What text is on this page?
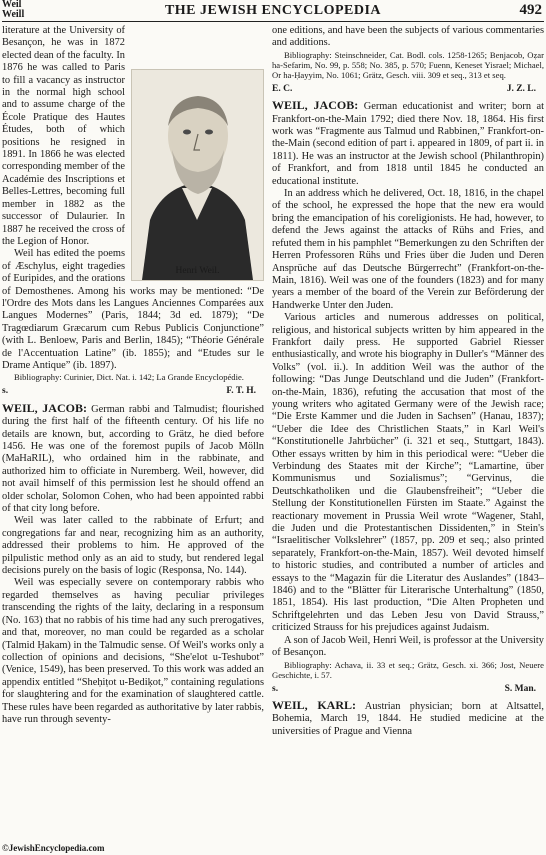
Weil
Weill	THE JEWISH ENCYCLOPEDIA	492
Henri Weil.

literature at the University of Besançon, he was in 1872 elected dean of the faculty. In 1876 he was called to Paris to fill a vacancy as instructor in the normal high school and to assume charge of the École Pratique des Hautes Études, both of which positions he resigned in 1891. In 1866 he was elected corresponding member of the Académie des Inscriptions et Belles-Lettres, becoming full member in 1882 as the successor of Dulaurier. In 1887 he received the cross of the Legion of Honor.

Weil has edited the poems of Æschylus, eight tragedies of Euripides, and the orations of Demosthenes. Among his works may be mentioned: “De l'Ordre des Mots dans les Langues Anciennes Comparées aux Langues Modernes” (Paris, 1844; 3d ed. 1879); “De Tragœdiarum Græcarum cum Rebus Publicis Conjunctione” (with L. Benloew, Paris and Berlin, 1845); “Théorie Générale de l'Accentuation Latine” (ib. 1855); and “Etudes sur le Drame Antique” (ib. 1897).

Bibliography: Curinier, Dict. Nat. i. 142; La Grande Encyclopédie.

s.	F. T. H.

WEIL, JACOB: German rabbi and Talmudist; flourished during the first half of the fifteenth century. Of his life no details are known, but, according to Grätz, he died before 1456. He was one of the foremost pupils of Jacob Mölln (MaHaRIL), who ordained him in the rabbinate, and authorized him to officiate in Nuremberg. Weil, however, did not avail himself of this permission lest he should offend an older scholar, Solomon Cohen, who had been appointed rabbi of that city long before.

Weil was later called to the rabbinate of Erfurt; and congregations far and near, recognizing him as an authority, addressed their problems to him. He approved of the pilpulistic method only as an aid to study, but rendered legal decisions purely on the basis of logic (Responsa, No. 144).

Weil was especially severe on contemporary rabbis who regarded themselves as having peculiar privileges transcending the rights of the laity, declaring in a responsum (No. 163) that no rabbis of his time had any such prerogatives, and that, moreover, no man could be regarded as a scholar (Talmid Ḥakam) in the Talmudic sense. Of Weil's works only a collection of opinions and decisions, “She'elot u-Teshubot” (Venice, 1549), has been preserved. To this work was added an appendix entitled “Sheḥiṭot u-Bediḳot,” containing regulations for slaughtering and for the examination of slaughtered cattle. These rules have been regarded as authoritative by later rabbis, have run through seventy-

one editions, and have been the subjects of various commentaries and additions.

Bibliography: Steinschneider, Cat. Bodl. cols. 1258-1265; Benjacob, Oẓar ha-Sefarim, No. 99, p. 558; No. 385, p. 570; Fuenn, Keneset Yisrael; Michael, Or ha-Ḥayyim, No. 1061; Grätz, Gesch. viii. 309 et seq., 313 et seq.

E. C.	J. Z. L.

WEIL, JACOB: German educationist and writer; born at Frankfort-on-the-Main 1792; died there Nov. 18, 1864. His first work was “Fragmente aus Talmud und Rabbinen,” Frankfort-on-the-Main (second edition of part i. appeared in 1809, of part ii. in 1811). He was an instructor at the Jewish school (Philanthropin) of Frankfort, and from 1818 until 1845 he conducted an educational institute.

In an address which he delivered, Oct. 18, 1816, in the chapel of the school, he expressed the hope that the new era would bring the emancipation of his coreligionists. He had, however, to defend the Jews against the attacks of Rühs and Fries, and refuted them in his pamphlet “Bemerkungen zu den Schriften der Herren Professoren Rühs und Fries über die Juden und Deren Ansprüche auf das Deutsche Bürgerrecht” (Frankfort-on-the-Main, 1816). Weil was one of the founders (1823) and for many years a member of the board of the Verein zur Beförderung der Handwerke Unter den Juden.

Various articles and numerous addresses on political, religious, and historical subjects written by him appeared in the Frankfort daily press. He supported Gabriel Riesser enthusiastically, and wrote his biography in Duller's “Männer des Volks” (vol. ii.). In addition Weil was the author of the following: “Das Junge Deutschland und die Juden” (Frankfort-on-the-Main, 1836), refuting the accusation that most of the young writers who agitated Germany were of the Jewish race; “Die Erste Kammer und die Juden in Sachsen” (Hanau, 1837); “Ueber die Idee des Christlichen Staats,” in Karl Weil's “Konstitutionelle Jahrbücher” (i. 321 et seq., Stuttgart, 1843). Other essays written by him in this periodical were: “Ueber die Verbindung des Staates mit der Kirche”; “Lamartine, über Kommunismus und Sozialismus”; “Gervinus, die Deutschkatholiken und die Glaubensfreiheit”; “Ueber die Stellung der Konstitutionellen Fürsten im Staate.” Against the reactionary movement in Prussia Weil wrote “Wagener, Stahl, die Juden und die Protestantischen Dissidenten,” in Stein's “Israelitischer Volkslehrer” (1857, pp. 209 et seq.; also printed separately, Frankfort-on-the-Main, 1857). Weil devoted himself to historic studies, and contributed a number of articles and essays to the “Magazin für die Literatur des Auslandes” (1843–1846) and to the “Blätter für Literarische Unterhaltung” (1850, 1851, 1854). His last production, “Die Alten Propheten und Schriftgelehrten und das Leben Jesu von David Strauss,” criticized Strauss for his prejudices against Judaism.

A son of Jacob Weil, Henri Weil, is professor at the University of Besançon.

Bibliography: Achava, ii. 33 et seq.; Grätz, Gesch. xi. 366; Jost, Neuere Geschichte, i. 57.

s.	S. Man.

WEIL, KARL: Austrian physician; born at Altsattel, Bohemia, March 19, 1844. He studied medicine at the universities of Prague and Vienna

©JewishEncyclopedia.com
